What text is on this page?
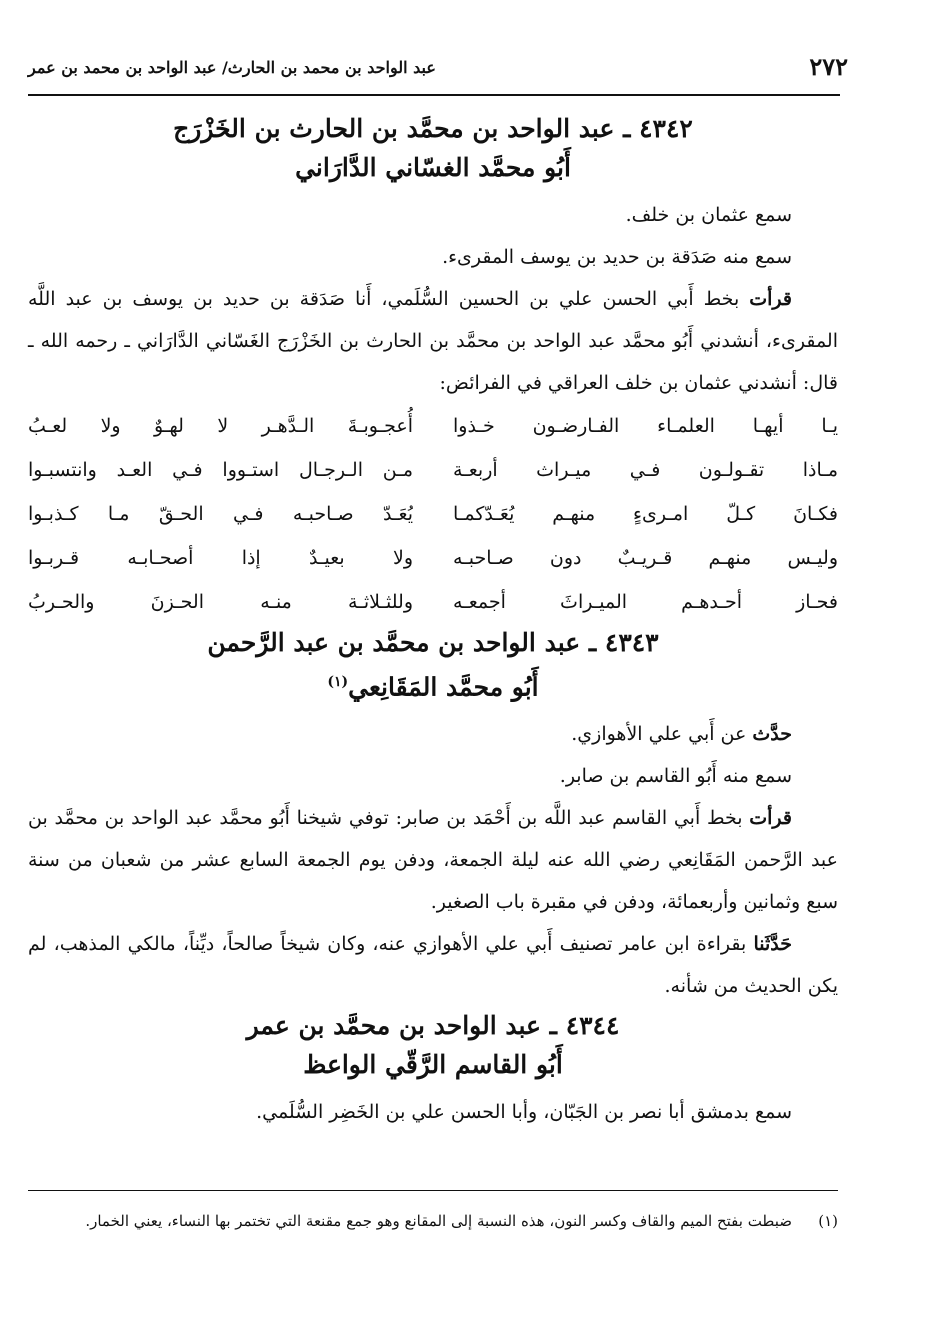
٢٧٢
عبد الواحد بن محمد بن الحارث/ عبد الواحد بن محمد بن عمر
٤٣٤٢ ـ عبد الواحد بن محمَّد بن الحارث بن الخَزْرَج
أَبُو محمَّد الغسّاني الدَّارَاني
سمع عثمان بن خلف.
سمع منه صَدَقة بن حديد بن يوسف المقرىء.
قرأت بخط أَبي الحسن علي بن الحسين السُّلَمي، أَنا صَدَقة بن حديد بن يوسف بن عبد اللَّه المقرىء، أنشدني أَبُو محمَّد عبد الواحد بن محمَّد بن الحارث بن الخَزْرَج الغَسّاني الدَّارَاني ـ رحمه الله ـ قال: أنشدني عثمان بن خلف العراقي في الفرائض:
يـا أيهـا العلمـاء الفـارضـون خـذوا
أُعجـوبـةَ الـدَّهـر لا لهـوٌ ولا لعـبُ
مـاذا تقـولـون فـي ميـراث أربعـة
مـن الـرجـال استـووا فـي العـد وانتسبـوا
فكـانَ كـلّ امـرىءٍ منهـم يُعَـدّكمـا
يُعَـدّ صـاحبـه فـي الحـقّ مـا كـذبـوا
وليـس منهـم قـريـبٌ دون صـاحبـه
ولا بعيـدٌ إذا أصحـابـه قـربـوا
فحـاز أحـدهـم الميـراثَ أجمعـه
وللثـلاثـة منـه الحـزنَ والحـربُ
٤٣٤٣ ـ عبد الواحد بن محمَّد بن عبد الرَّحمن
أَبُو محمَّد المَقَانِعي$^{(١)}$
حدَّث عن أَبي علي الأهوازي.
سمع منه أَبُو القاسم بن صابر.
قرأت بخط أَبي القاسم عبد اللَّه بن أَحْمَد بن صابر: توفي شيخنا أَبُو محمَّد عبد الواحد بن محمَّد بن عبد الرَّحمن المَقَانِعي رضي الله عنه ليلة الجمعة، ودفن يوم الجمعة السابع عشر من شعبان من سنة سبع وثمانين وأربعمائة، ودفن في مقبرة باب الصغير.
حَدَّثَنا بقراءة ابن عامر تصنيف أَبي علي الأهوازي عنه، وكان شيخاً صالحاً، ديِّناً، مالكي المذهب، لم يكن الحديث من شأنه.
٤٣٤٤ ـ عبد الواحد بن محمَّد بن عمر
أَبُو القاسم الرَّقّي الواعظ
سمع بدمشق أبا نصر بن الجَبّان، وأبا الحسن علي بن الخَضِر السُّلَمي.
(١)
ضبطت بفتح الميم والقاف وكسر النون، هذه النسبة إلى المقانع وهو جمع مقنعة التي تختمر بها النساء، يعني الخمار.
